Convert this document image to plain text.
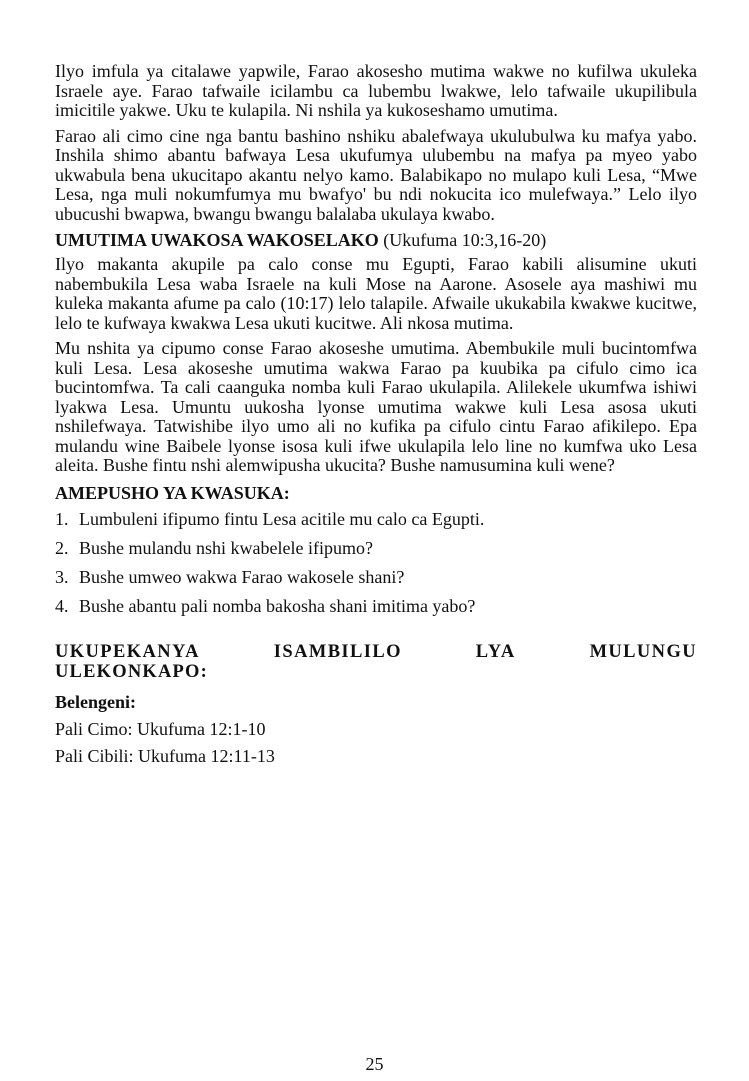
Ilyo imfula ya citalawe yapwile, Farao akosesho mutima wakwe no kufilwa ukuleka Israele aye. Farao tafwaile icilambu ca lubembu lwakwe, lelo tafwaile ukupilibula imicitile yakwe. Uku te kulapila. Ni nshila ya kukoseshamo umutima.

Farao ali cimo cine nga bantu bashino nshiku abalefwaya ukulubulwa ku mafya yabo. Inshila shimo abantu bafwaya Lesa ukufumya ulubembu na mafya pa myeo yabo ukwabula bena ukucitapo akantu nelyo kamo. Balabikapo no mulapo kuli Lesa, “Mwe Lesa, nga muli nokumfumya mu bwafyo' bu ndi nokucita ico mulefwaya.” Lelo ilyo ubucushi bwapwa, bwangu bwangu balalaba ukulaya kwabo.

UMUTIMA UWAKOSA WAKOSELAKO (Ukufuma 10:3,16-20)

Ilyo makanta akupile pa calo conse mu Egupti, Farao kabili alisumine ukuti nabembukila Lesa waba Israele na kuli Mose na Aarone. Asosele aya mashiwi mu kuleka makanta afume pa calo (10:17) lelo talapile. Afwaile ukukabila kwakwe kucitwe, lelo te kufwaya kwakwa Lesa ukuti kucitwe. Ali nkosa mutima.

Mu nshita ya cipumo conse Farao akoseshe umutima. Abembukile muli bucintomfwa kuli Lesa. Lesa akoseshe umutima wakwa Farao pa kuubika pa cifulo cimo ica bucintomfwa. Ta cali caanguka nomba kuli Farao ukulapila. Alilekele ukumfwa ishiwi lyakwa Lesa. Umuntu uukosha lyonse umutima wakwe kuli Lesa asosa ukuti nshilefwaya. Tatwishibe ilyo umo ali no kufika pa cifulo cintu Farao afikilepo. Epa mulandu wine Baibele lyonse isosa kuli ifwe ukulapila lelo line no kumfwa uko Lesa aleita. Bushe fintu nshi alemwipusha ukucita? Bushe namusumina kuli wene?

AMEPUSHO YA KWASUKA:
1. Lumbuleni ifipumo fintu Lesa acitile mu calo ca Egupti.
2. Bushe mulandu nshi kwabelele ifipumo?
3. Bushe umweo wakwa Farao wakosele shani?
4. Bushe abantu pali nomba bakosha shani imitima yabo?
UKUPEKANYA	ISAMBILILO	LYA	MULUNGU
ULEKONKAPO:
Belengeni:
Pali Cimo: Ukufuma 12:1-10
Pali Cibili: Ukufuma 12:11-13
25
